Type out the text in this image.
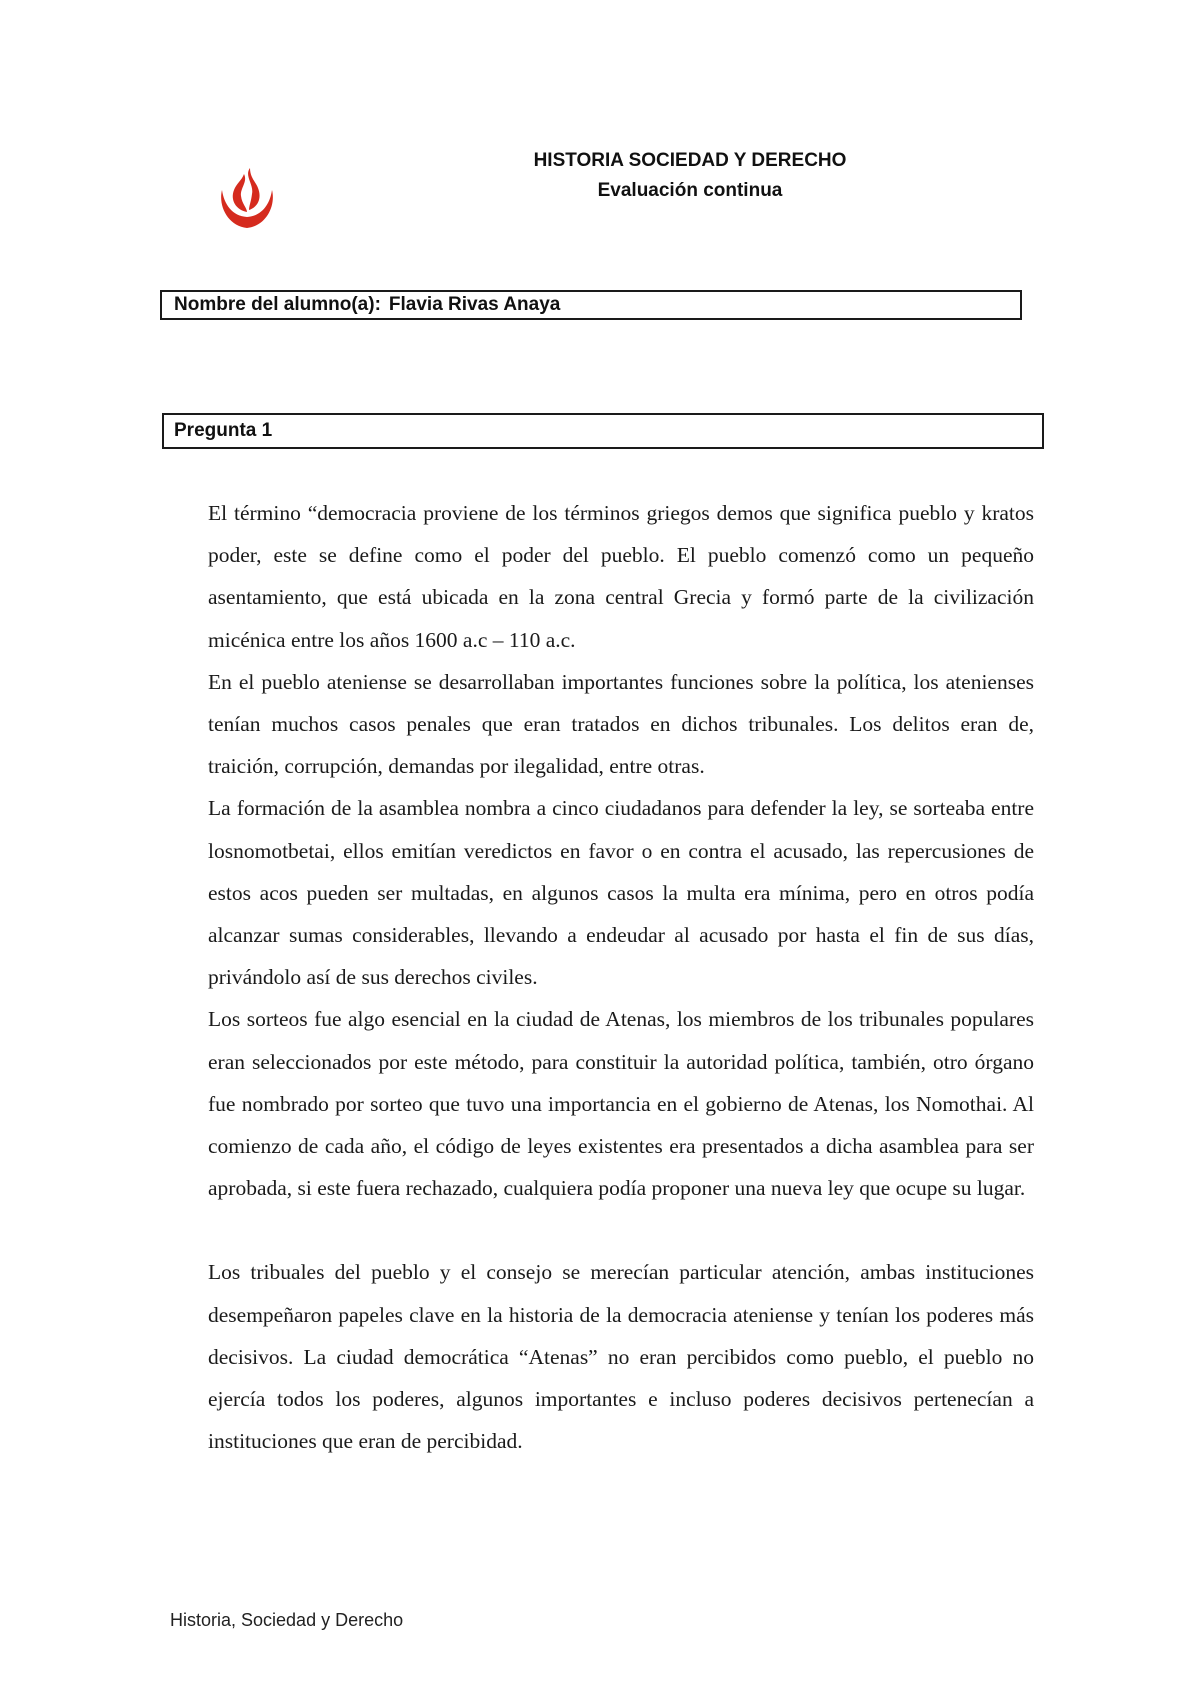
HISTORIA SOCIEDAD Y DERECHO
Evaluación continua
Nombre del alumno(a): Flavia Rivas Anaya
Pregunta 1

El término “democracia proviene de los términos griegos demos que significa pueblo y kratos poder, este se define como el poder del pueblo. El pueblo comenzó como un pequeño asentamiento, que está ubicada en la zona central Grecia y formó parte de la civilización micénica entre los años 1600 a.c – 110 a.c.

En el pueblo ateniense se desarrollaban importantes funciones sobre la política, los atenienses tenían muchos casos penales que eran tratados en dichos tribunales. Los delitos eran de, traición, corrupción, demandas por ilegalidad, entre otras.

La formación de la asamblea nombra a cinco ciudadanos para defender la ley, se sorteaba entre losnomotbetai, ellos emitían veredictos en favor o en contra el acusado, las repercusiones de estos acos pueden ser multadas, en algunos casos la multa era mínima, pero en otros podía alcanzar sumas considerables, llevando a endeudar al acusado por hasta el fin de sus días, privándolo así de sus derechos civiles.

Los sorteos fue algo esencial en la ciudad de Atenas, los miembros de los tribunales populares eran seleccionados por este método, para constituir la autoridad política, también, otro órgano fue nombrado por sorteo que tuvo una importancia en el gobierno de Atenas, los Nomothai. Al comienzo de cada año, el código de leyes existentes era presentados a dicha asamblea para ser aprobada, si este fuera rechazado, cualquiera podía proponer una nueva ley que ocupe su lugar.

Los tribuales del pueblo y el consejo se merecían particular atención, ambas instituciones desempeñaron papeles clave en la historia de la democracia ateniense y tenían los poderes más decisivos. La ciudad democrática “Atenas” no eran percibidos como pueblo, el pueblo no ejercía todos los poderes, algunos importantes e incluso poderes decisivos pertenecían a instituciones que eran de percibidad.

Historia, Sociedad y Derecho
